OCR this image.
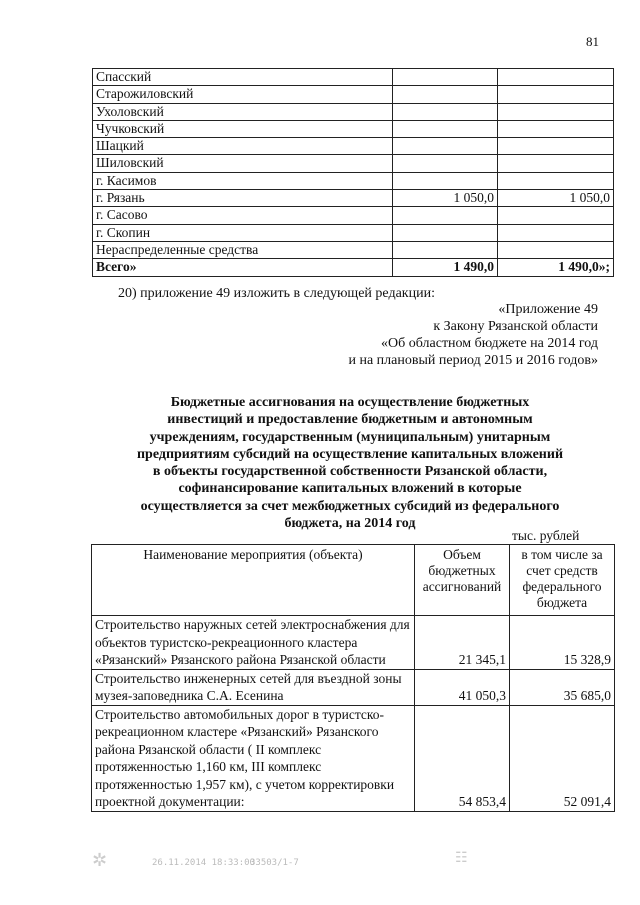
81
Спасский		
Старожиловский		
Ухоловский		
Чучковский		
Шацкий		
Шиловский		
г. Касимов		
г. Рязань	1 050,0	1 050,0
г. Сасово		
г. Скопин		
Нераспределенные средства		
Всего»	1 490,0	1 490,0»;
20) приложение 49 изложить в следующей редакции:
«Приложение 49
к Закону Рязанской области
«Об областном бюджете на 2014 год
и на плановый период 2015 и 2016 годов»
Бюджетные ассигнования на осуществление бюджетных
инвестиций и предоставление бюджетным и автономным
учреждениям, государственным (муниципальным) унитарным
предприятиям субсидий на осуществление капитальных вложений
в объекты государственной собственности Рязанской области,
софинансирование капитальных вложений в которые
осуществляется за счет межбюджетных субсидий из федерального
бюджета, на 2014 год
тыс. рублей
Наименование мероприятия (объекта)	Объем бюджетных ассигнований	в том числе за счет средств федерального бюджета
Строительство наружных сетей электроснабжения для объектов туристско-рекреационного кластера «Рязанский» Рязанского района Рязанской области	21 345,1	15 328,9
Строительство инженерных сетей для въездной зоны музея-заповедника С.А. Есенина	41 050,3	35 685,0
Строительство автомобильных дорог в туристско-рекреационном кластере «Рязанский» Рязанского района Рязанской области ( II комплекс протяженностью 1,160 км, III комплекс протяженностью 1,957 км), с учетом корректировки проектной документации:	54 853,4	52 091,4
26.11.2014 18:33:00
33503/1-7
✲	☷
